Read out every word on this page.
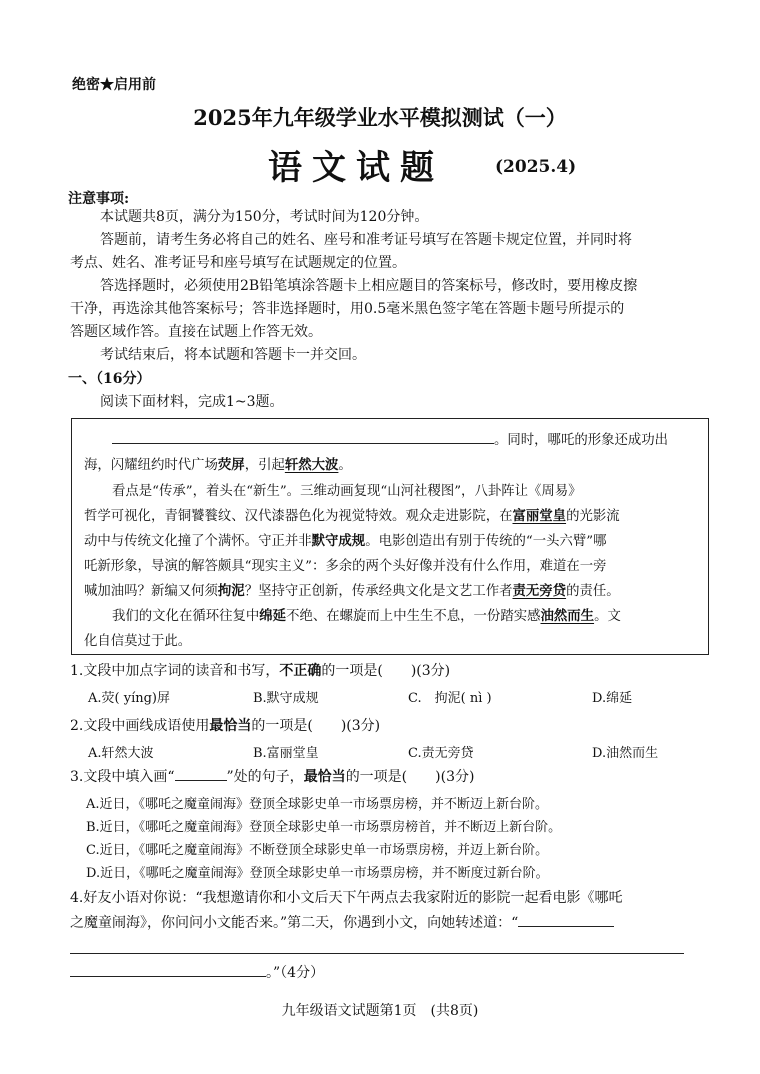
绝密★启用前
2025年九年级学业水平模拟测试（一）
语文试题	(2025.4)
注意事项:
本试题共8页，满分为150分，考试时间为120分钟。
答题前，请考生务必将自己的姓名、座号和准考证号填写在答题卡规定位置，并同时将
考点、姓名、准考证号和座号填写在试题规定的位置。
答选择题时，必须使用2B铅笔填涂答题卡上相应题目的答案标号，修改时，要用橡皮擦
干净，再选涂其他答案标号；答非选择题时，用0.5毫米黑色签字笔在答题卡题号所提示的
答题区域作答。直接在试题上作答无效。
考试结束后，将本试题和答题卡一并交回。
一、（16分）
阅读下面材料，完成1~3题。
。同时，哪吒的形象还成功出
海，闪耀纽约时代广场荧屏，引起轩然大波。
看点是“传承”，着头在“新生”。三维动画复现“山河社稷图”，八卦阵让《周易》
哲学可视化，青铜饕餮纹、汉代漆器色化为视觉特效。观众走进影院，在富丽堂皇的光影流
动中与传统文化撞了个满怀。守正并非默守成规。电影创造出有别于传统的“一头六臂”哪
吒新形象，导演的解答颇具“现实主义”：多余的两个头好像并没有什么作用，难道在一旁
喊加油吗？新编又何须拘泥？坚持守正创新，传承经典文化是文艺工作者责无旁贷的责任。
我们的文化在循环往复中绵延不绝、在螺旋而上中生生不息，一份踏实感油然而生。文
化自信莫过于此。
1.文段中加点字词的读音和书写，不正确的一项是(　　)(3分)
A.荧( yíng)屏	B.默守成规	C.　拘泥( nì )	D.绵延
2.文段中画线成语使用最恰当的一项是(　　)(3分)
A.轩然大波	B.富丽堂皇	C.责无旁贷	D.油然而生
3.文段中填入画“	”处的句子，最恰当的一项是(　　)(3分)
A.近日，《哪吒之魔童闹海》登顶全球影史单一市场票房榜，并不断迈上新台阶。
B.近日，《哪吒之魔童闹海》登顶全球影史单一市场票房榜首，并不断迈上新台阶。
C.近日，《哪吒之魔童闹海》不断登顶全球影史单一市场票房榜，并迈上新台阶。
D.近日，《哪吒之魔童闹海》登顶全球影史单一市场票房榜，并不断度过新台阶。
4.好友小语对你说：“我想邀请你和小文后天下午两点去我家附近的影院一起看电影《哪吒
之魔童闹海》，你问问小文能否来。”第二天，你遇到小文，向她转述道：“
。”（4分）
九年级语文试题第1页　(共8页)
